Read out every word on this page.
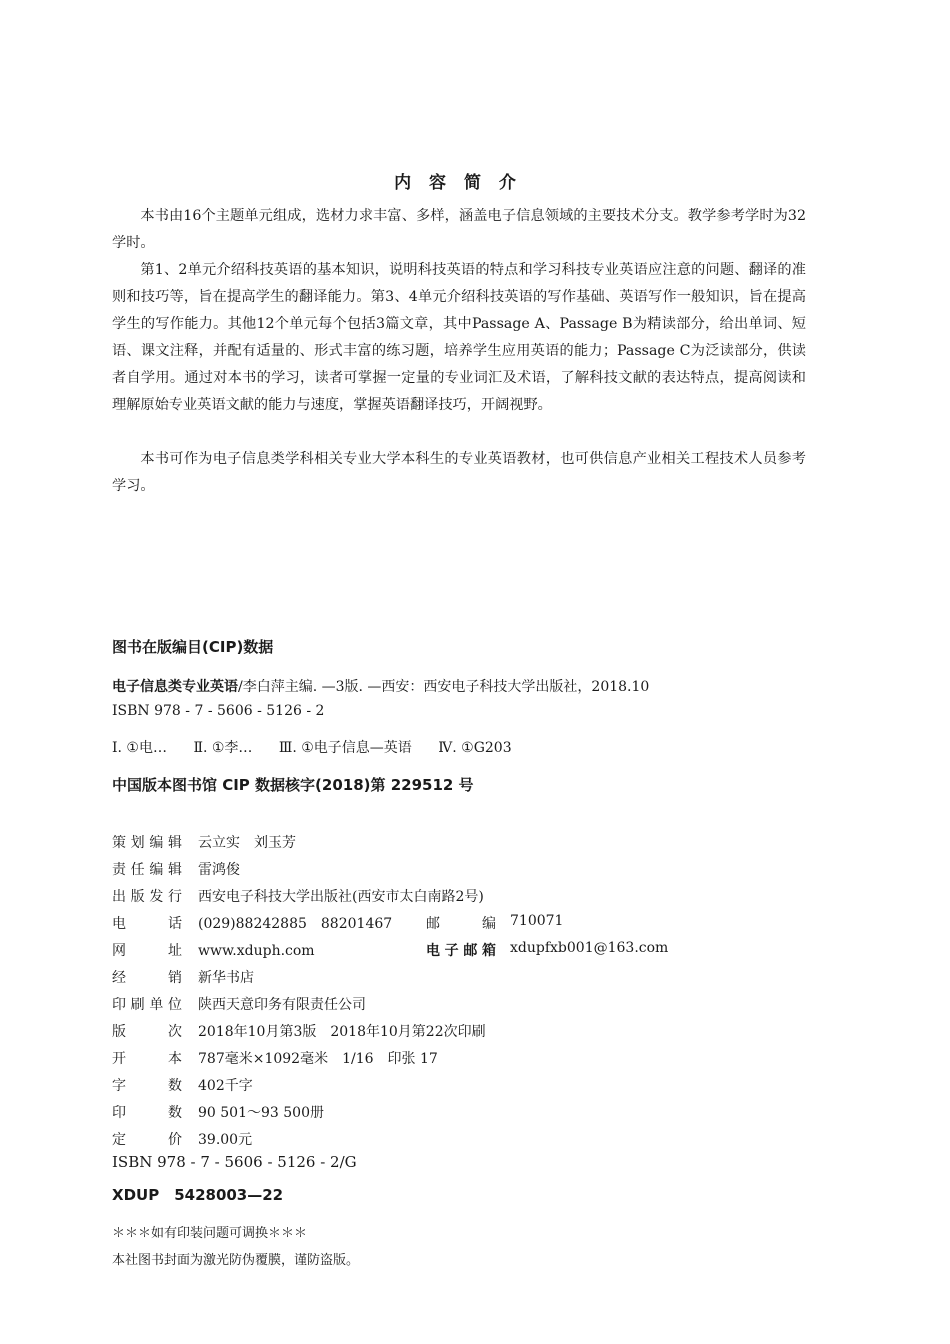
内 容 简 介

本书由16个主题单元组成，选材力求丰富、多样，涵盖电子信息领域的主要技术分支。教学参考学时为32学时。

第1、2单元介绍科技英语的基本知识，说明科技英语的特点和学习科技专业英语应注意的问题、翻译的准则和技巧等，旨在提高学生的翻译能力。第3、4单元介绍科技英语的写作基础、英语写作一般知识，旨在提高学生的写作能力。其他12个单元每个包括3篇文章，其中Passage A、Passage B为精读部分，给出单词、短语、课文注释，并配有适量的、形式丰富的练习题，培养学生应用英语的能力；Passage C为泛读部分，供读者自学用。通过对本书的学习，读者可掌握一定量的专业词汇及术语，了解科技文献的表达特点，提高阅读和理解原始专业英语文献的能力与速度，掌握英语翻译技巧，开阔视野。

本书可作为电子信息类学科相关专业大学本科生的专业英语教材，也可供信息产业相关工程技术人员参考学习。

图书在版编目(CIP)数据
电子信息类专业英语/李白萍主编. —3版. —西安：西安电子科技大学出版社，2018.10
ISBN 978 - 7 - 5606 - 5126 - 2
Ⅰ. ①电… Ⅱ. ①李… Ⅲ. ①电子信息—英语 Ⅳ. ①G203
中国版本图书馆 CIP 数据核字(2018)第 229512 号
策划编辑 云立实　刘玉芳
责任编辑 雷鸿俊
出版发行 西安电子科技大学出版社(西安市太白南路2号)
电　　话 (029)88242885　88201467 邮　　编 710071
网　　址 www.xduph.com	电子邮箱 xdupfxb001@163.com
经　　销 新华书店
印刷单位 陕西天意印务有限责任公司
版　　次 2018年10月第3版　2018年10月第22次印刷
开　　本 787毫米×1092毫米　1/16　印张 17
字　　数 402千字
印　　数 90 501～93 500册
定　　价 39.00元
ISBN 978 - 7 - 5606 - 5126 - 2/G
XDUP　5428003—22
＊＊＊如有印装问题可调换＊＊＊
本社图书封面为激光防伪覆膜，谨防盗版。
